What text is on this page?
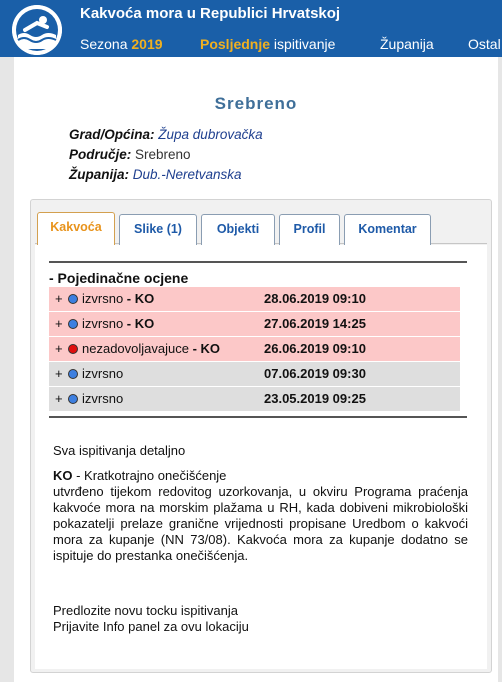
Kakvoća mora u Republici Hrvatskoj
Sezona 2019	Posljednje ispitivanje	Županija Ostal
Srebreno
Grad/Općina: Župa dubrovačka
Područje: Srebreno
Županija: Dub.-Neretvanska
Kakvoća	Slike (1)	Objekti	Profil	Komentar
- Pojedinačne ocjene
+ izvrsno - KO	28.06.2019 09:10
+ izvrsno - KO	27.06.2019 14:25
+ nezadovoljavajuce - KO	26.06.2019 09:10
+ izvrsno	07.06.2019 09:30
+ izvrsno	23.05.2019 09:25
Sva ispitivanja detaljno
KO - Kratkotrajno onečišćenje
utvrđeno tijekom redovitog uzorkovanja, u okviru Programa praćenja kakvoće mora na morskim plažama u RH, kada dobiveni mikrobiološki pokazatelji prelaze granične vrijednosti propisane Uredbom o kakvoći mora za kupanje (NN 73/08). Kakvoća mora za kupanje dodatno se ispituje do prestanka onečišćenja.
Predlozite novu tocku ispitivanja
Prijavite Info panel za ovu lokaciju
